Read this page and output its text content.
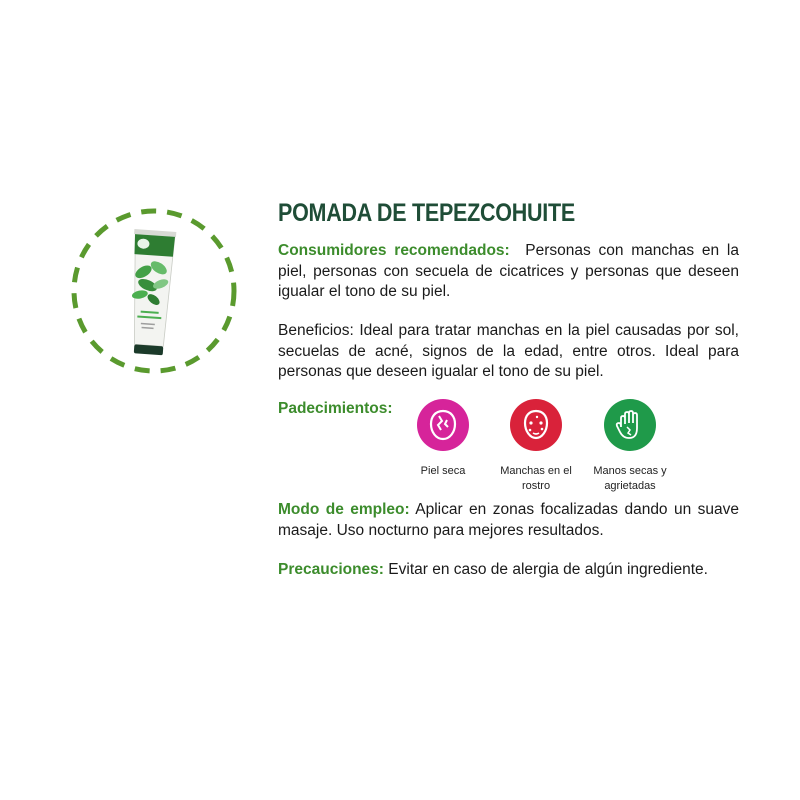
POMADA DE TEPEZCOHUITE

Consumidores recomendados: Personas con manchas en la piel, personas con secuela de cicatrices y personas que deseen igualar el tono de su piel.

Beneficios: Ideal para tratar manchas en la piel causadas por sol, secuelas de acné, signos de la edad, entre otros. Ideal para personas que deseen igualar el tono de su piel.

Padecimientos:

Piel seca	Manchas en el rostro
Manos secas y agrietadas

Modo de empleo: Aplicar en zonas focalizadas dando un suave masaje. Uso nocturno para mejores resultados.

Precauciones: Evitar en caso de alergia de algún ingrediente.
